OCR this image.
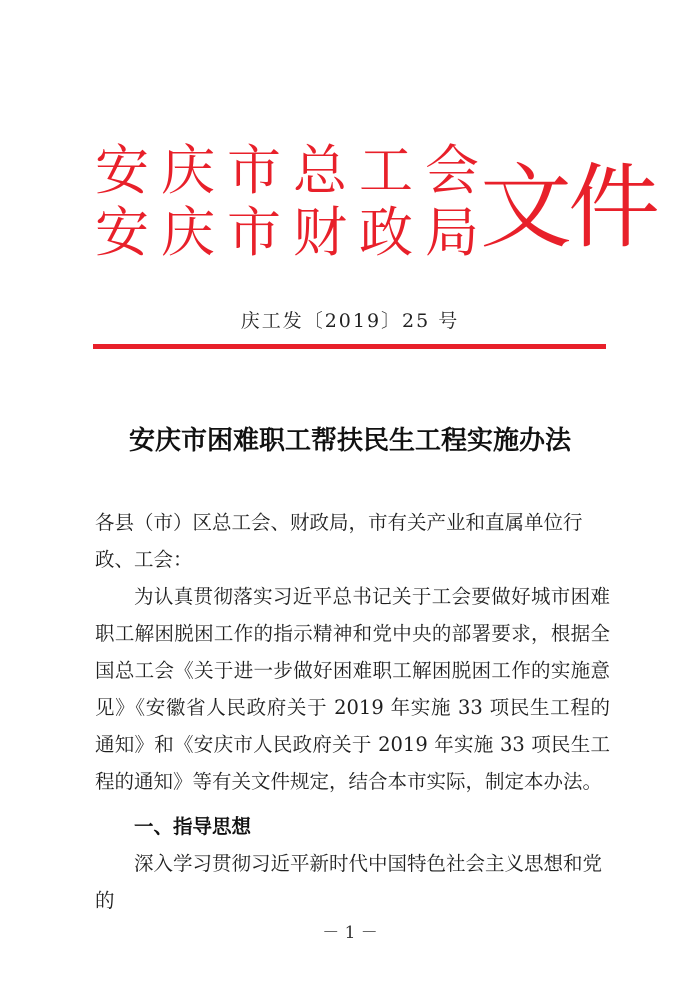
安庆市总工会
安庆市财政局
文件
庆工发〔2019〕25 号
安庆市困难职工帮扶民生工程实施办法
各县（市）区总工会、财政局，市有关产业和直属单位行政、工会：
为认真贯彻落实习近平总书记关于工会要做好城市困难职工解困脱困工作的指示精神和党中央的部署要求，根据全国总工会《关于进一步做好困难职工解困脱困工作的实施意见》《安徽省人民政府关于 2019 年实施 33 项民生工程的通知》和《安庆市人民政府关于 2019 年实施 33 项民生工程的通知》等有关文件规定，结合本市实际，制定本办法。
一、指导思想
深入学习贯彻习近平新时代中国特色社会主义思想和党的
－ 1 －
